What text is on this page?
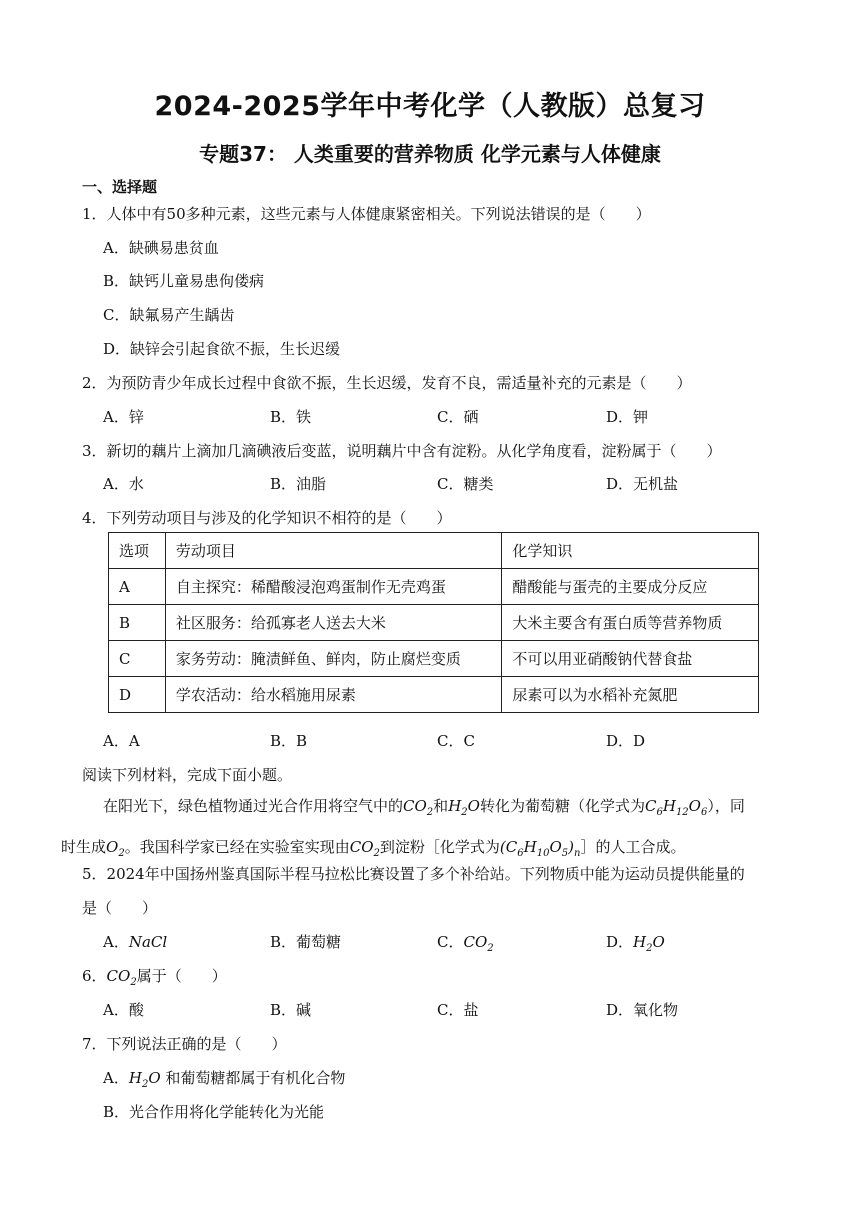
2024-2025学年中考化学（人教版）总复习
专题37： 人类重要的营养物质 化学元素与人体健康
一、选择题
1．人体中有50多种元素，这些元素与人体健康紧密相关。下列说法错误的是（　　）
A．缺碘易患贫血
B．缺钙儿童易患佝偻病
C．缺氟易产生龋齿
D．缺锌会引起食欲不振，生长迟缓
2．为预防青少年成长过程中食欲不振，生长迟缓，发育不良，需适量补充的元素是（　　）
A．锌	B．铁	C．硒	D．钾
3．新切的藕片上滴加几滴碘液后变蓝，说明藕片中含有淀粉。从化学角度看，淀粉属于（　　）
A．水	B．油脂	C．糖类	D．无机盐
4．下列劳动项目与涉及的化学知识不相符的是（　　）
选项	劳动项目	化学知识
A	自主探究：稀醋酸浸泡鸡蛋制作无壳鸡蛋	醋酸能与蛋壳的主要成分反应
B	社区服务：给孤寡老人送去大米	大米主要含有蛋白质等营养物质
C	家务劳动：腌渍鲜鱼、鲜肉，防止腐烂变质	不可以用亚硝酸钠代替食盐
D	学农活动：给水稻施用尿素	尿素可以为水稻补充氮肥
A．A	B．B	C．C	D．D
阅读下列材料，完成下面小题。
在阳光下，绿色植物通过光合作用将空气中的$CO_2$和$H_2O$转化为葡萄糖（化学式为$C_6H_{12}O_6$），同
时生成$O_2$。我国科学家已经在实验室实现由$CO_2$到淀粉［化学式为$(C_6H_{10}O_5)_n]$的人工合成。
5．2024年中国扬州鉴真国际半程马拉松比赛设置了多个补给站。下列物质中能为运动员提供能量的
是（　　）
A．NaCl	B．葡萄糖	C．$CO_2$	D．$H_2O$
6．$CO_2$属于（　　）
A．酸	B．碱	C．盐	D．氧化物
7．下列说法正确的是（　　）
A．$H_2O$ 和葡萄糖都属于有机化合物
B．光合作用将化学能转化为光能
